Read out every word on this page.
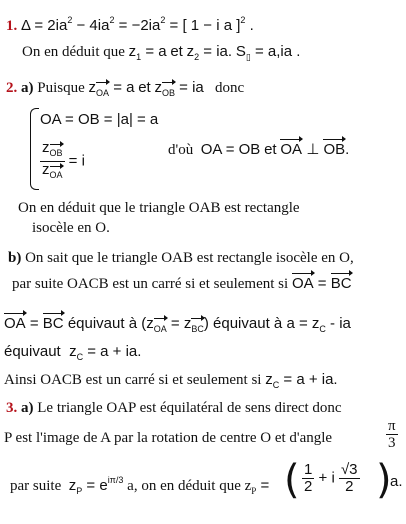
1. $\Delta = 2ia^2 - 4ia^2 = -2ia^2$ = [ 1 − i a ]$^2$ .
On en déduit que $z_1 = a$ et $z_2$ = ia. $S_▯ = a,ia$ .
2. a) Puisque zOA = a et zOB = ia donc
OA = OB = |a| = a
$\frac{\text{zOB}}{\text{zOA}} = i$
d'où OA = OB et OA ⊥ OB.
On en déduit que le triangle OAB est rectangle
isocèle en O.
b) On sait que le triangle OAB est rectangle isocèle en O,
par suite OACB est un carré si et seulement si OA = BC
OA = BC équivaut à (zOA = zBC) équivaut à $a = z_C$ - ia
équivaut $z_C = a$ + ia.
Ainsi OACB est un carré si et seulement si $z_C = a$ + ia.
3. a) Le triangle OAP est équilatéral de sens direct donc
P est l'image de A par la rotation de centre O et d'angle	$\frac{\pi}{3}$
par suite $z_P = e^{i\pi/3}$ a, on en déduit que $z_P$ = ( $\frac{1}{2} + i \frac{√3}{2}$ )
a.
